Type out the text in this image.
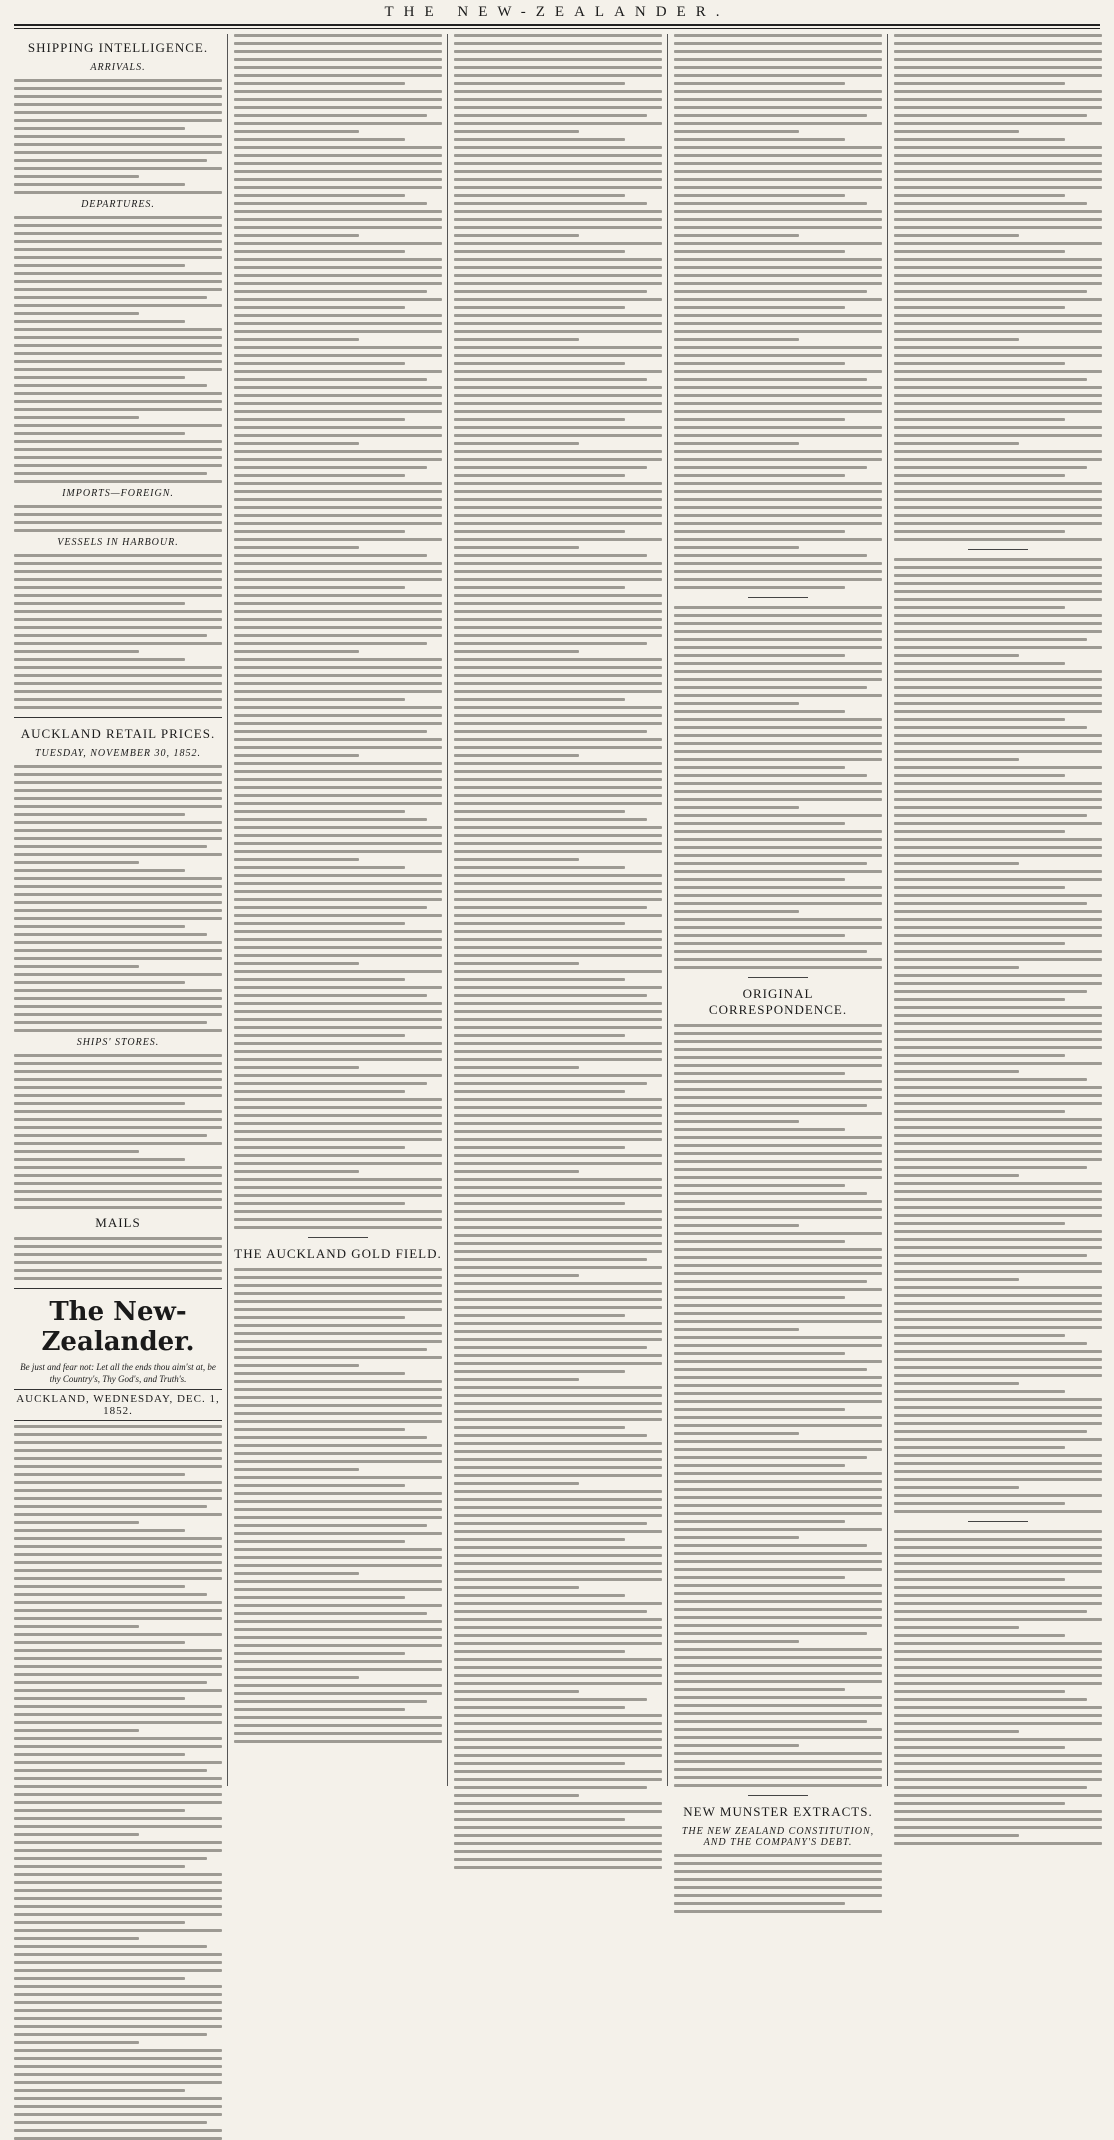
THE NEW-ZEALANDER.
SHIPPING INTELLIGENCE.
ARRIVALS.
DEPARTURES.
IMPORTS—FOREIGN.
VESSELS IN HARBOUR.
AUCKLAND RETAIL PRICES.
TUESDAY, NOVEMBER 30, 1852.
SHIPS' STORES.
MAILS
The New-Zealander.
Be just and fear not: Let all the ends thou aim'st at, be thy Country's, Thy God's, and Truth's.
AUCKLAND, WEDNESDAY, DEC. 1, 1852.
THE AUCKLAND GOLD FIELD.
ORIGINAL CORRESPONDENCE.
NEW MUNSTER EXTRACTS.
THE NEW ZEALAND CONSTITUTION, AND THE COMPANY'S DEBT.
